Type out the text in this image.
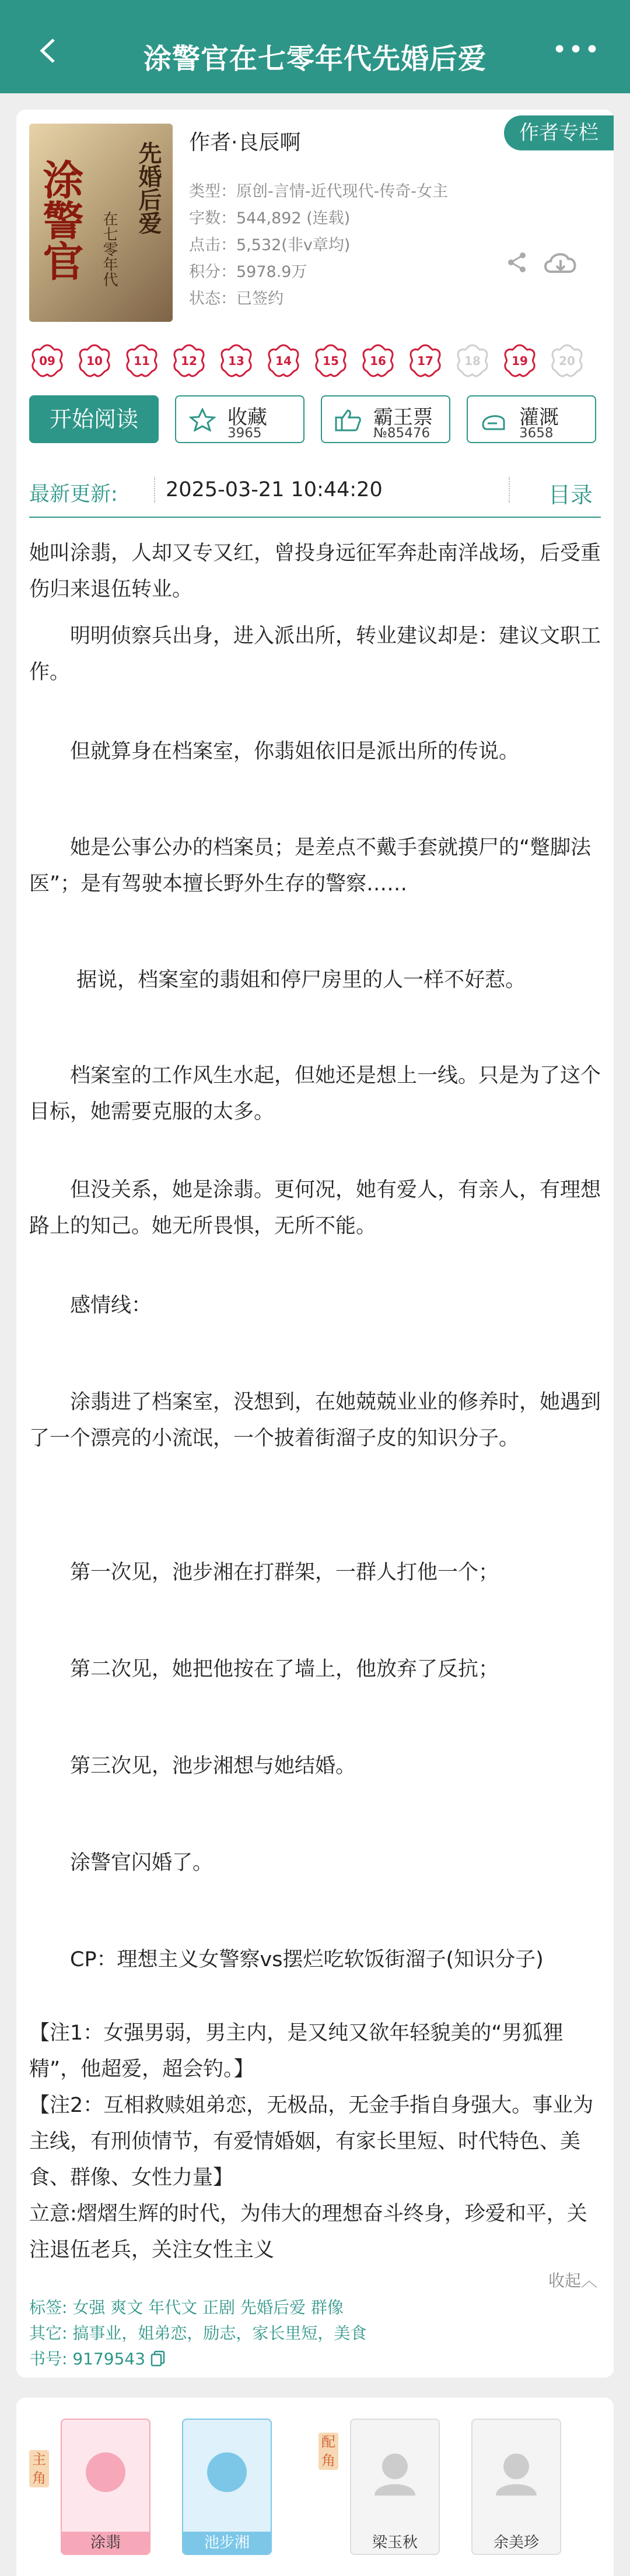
涂警官在七零年代先婚后爱	•••
先婚后爱
涂警官 在七零年代
作者·良辰啊	作者专栏
类型：原创-言情-近代现代-传奇-女主
字数：544,892 (连载)
点击：5,532(非v章均)
积分：5978.9万
状态：已签约
09	10	11	12	13	14	15	16	17	18	19	20
开始阅读	收藏
3965
霸王票
№85476
灌溉
3658
最新更新: 2025-03-21 10:44:20	目录

她叫涂翡，人却又专又红，曾投身远征军奔赴南洋战场，后受重伤归来退伍转业。

　　明明侦察兵出身，进入派出所，转业建议却是：建议文职工作。

　　但就算身在档案室，你翡姐依旧是派出所的传说。

　　她是公事公办的档案员；是差点不戴手套就摸尸的“蹩脚法医”；是有驾驶本擅长野外生存的警察……

　　 据说，档案室的翡姐和停尸房里的人一样不好惹。

　　档案室的工作风生水起，但她还是想上一线。只是为了这个目标，她需要克服的太多。

　　但没关系，她是涂翡。更何况，她有爱人，有亲人，有理想路上的知己。她无所畏惧，无所不能。

　　感情线：

　　涂翡进了档案室，没想到，在她兢兢业业的修养时，她遇到了一个漂亮的小流氓，一个披着街溜子皮的知识分子。

　　第一次见，池步湘在打群架，一群人打他一个；

　　第二次见，她把他按在了墙上，他放弃了反抗；

　　第三次见，池步湘想与她结婚。

　　涂警官闪婚了。

　　CP：理想主义女警察vs摆烂吃软饭街溜子(知识分子)

【注1：女强男弱，男主内，是又纯又欲年轻貌美的“男狐狸精”，他超爱，超会钓。】

【注2：互相救赎姐弟恋，无极品，无金手指自身强大。事业为主线，有刑侦情节，有爱情婚姻，有家长里短、时代特色、美食、群像、女性力量】

立意:熠熠生辉的时代，为伟大的理想奋斗终身，珍爱和平，关注退伍老兵，关注女性主义

收起︿
标签: 女强 爽文 年代文 正剧 先婚后爱 群像
其它: 搞事业，姐弟恋，励志，家长里短，美食
书号: 9179543
主角
涂翡	池步湘
配角
梁玉秋	余美珍
